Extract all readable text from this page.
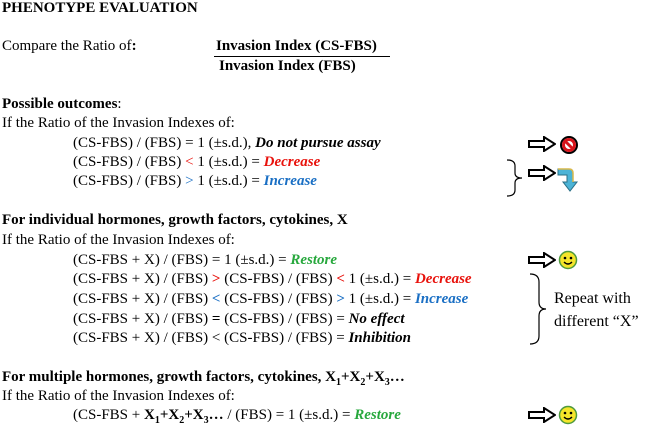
PHENOTYPE EVALUATION
Compare the Ratio of:	Invasion Index (CS-FBS)
Invasion Index (FBS)
Possible outcomes:
If the Ratio of the Invasion Indexes of:
(CS-FBS) / (FBS) = 1 (±s.d.), Do not pursue assay
(CS-FBS) / (FBS) < 1 (±s.d.) = Decrease
(CS-FBS) / (FBS) > 1 (±s.d.) = Increase
For individual hormones, growth factors, cytokines, X
If the Ratio of the Invasion Indexes of:
(CS-FBS + X) / (FBS) = 1 (±s.d.) = Restore
(CS-FBS + X) / (FBS) > (CS-FBS) / (FBS) < 1 (±s.d.) = Decrease
(CS-FBS + X) / (FBS) < (CS-FBS) / (FBS) > 1 (±s.d.) = Increase
(CS-FBS + X) / (FBS) = (CS-FBS) / (FBS) = No effect
(CS-FBS + X) / (FBS) < (CS-FBS) / (FBS) = Inhibition
Repeat with
different “X”
For multiple hormones, growth factors, cytokines, $X_1+X_2+X_3\dots$
If the Ratio of the Invasion Indexes of:
($CS-FBS + X_1+X_2+X_3\dots / (FBS) = 1$ (±s.d.) = Restore
